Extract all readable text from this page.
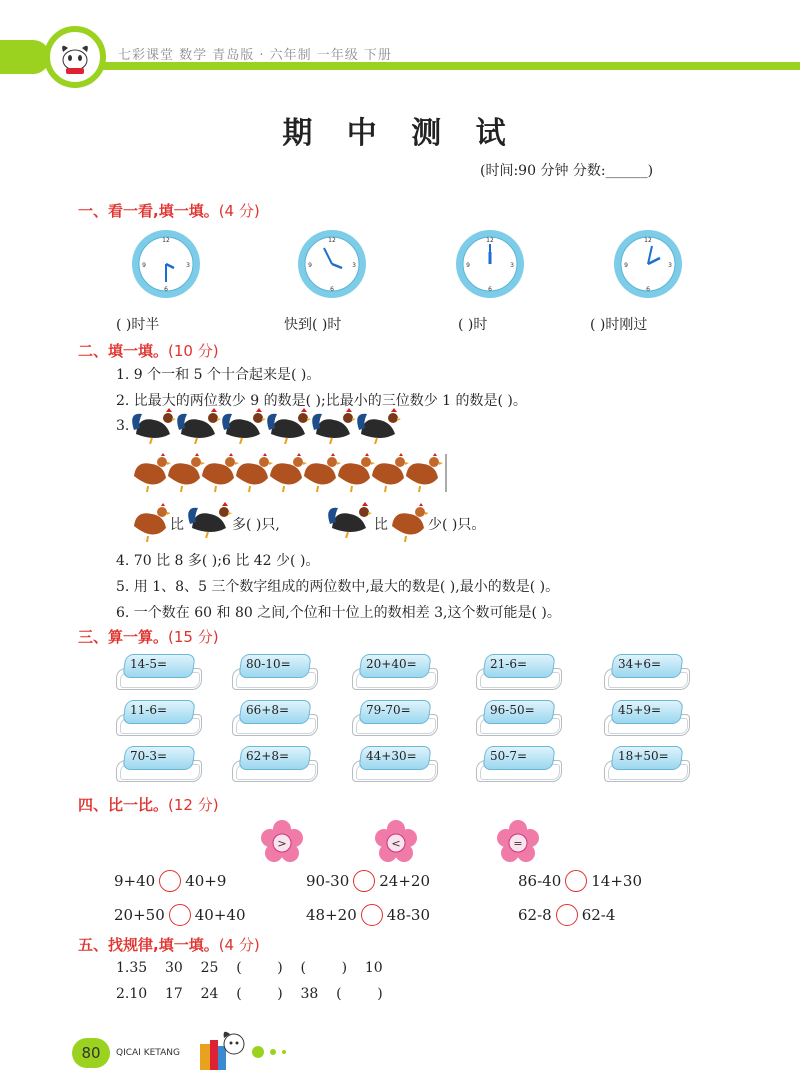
七彩课堂 数学 青岛版 · 六年制 一年级 下册
期 中 测 试
(时间:90 分钟 分数:______)
一、看一看,填一填。(4 分)
12
3
6
9
12
3
6
9
12
3
6
9
12
3
6
9
( )时半	快到( )时	( )时	( )时刚过
二、填一填。(10 分)
1. 9 个一和 5 个十合起来是( )。
2. 比最大的两位数少 9 的数是( );比最小的三位数少 1 的数是( )。
3.
比	多( )只,	比	少( )只。
4. 70 比 8 多( );6 比 42 少( )。
5. 用 1、8、5 三个数字组成的两位数中,最大的数是( ),最小的数是( )。
6. 一个数在 60 和 80 之间,个位和十位上的数相差 3,这个数可能是( )。
三、算一算。(15 分)
14-5=	80-10=	20+40=	21-6=	34+6=
11-6=	66+8=	79-70=	96-50=	45+9=
70-3=	62+8=	44+30=	50-7=	18+50=
四、比一比。(12 分)
>	<	=
9+40 40+9	90-30 24+20	86-40 14+30
20+50 40+40	48+20 48-30	62-8 62-4
五、找规律,填一填。(4 分)
1.35    30    25    (        )    (        )    10
2.10    17    24    (        )    38    (        )
80	QICAI KETANG
